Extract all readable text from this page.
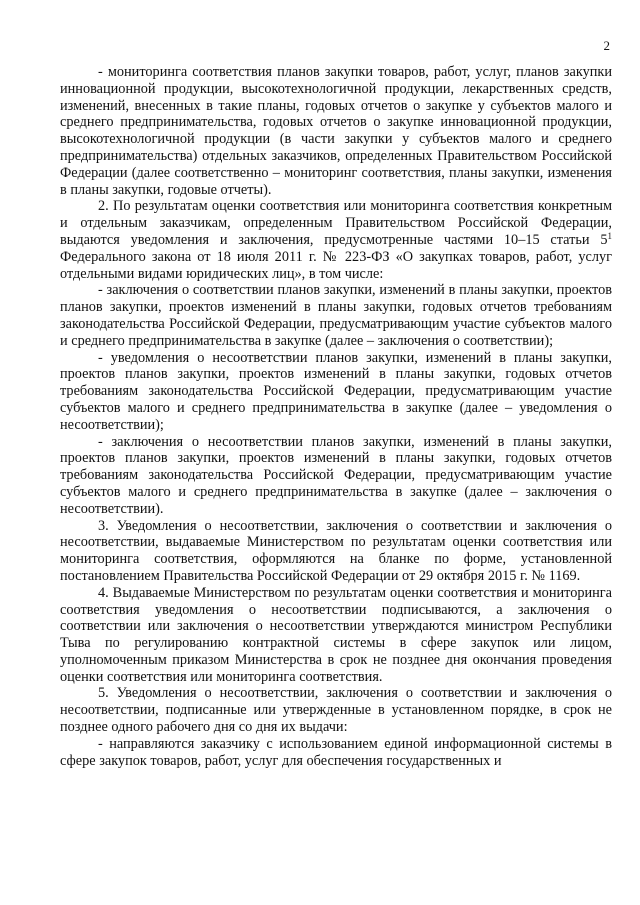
2

- мониторинга соответствия планов закупки товаров, работ, услуг, планов закупки инновационной продукции, высокотехнологичной продукции, лекарственных средств, изменений, внесенных в такие планы, годовых отчетов о закупке у субъектов малого и среднего предпринимательства, годовых отчетов о закупке инновационной продукции, высокотехнологичной продукции (в части закупки у субъектов малого и среднего предпринимательства) отдельных заказчиков, определенных Правительством Российской Федерации (далее соответственно – мониторинг соответствия, планы закупки, изменения в планы закупки, годовые отчеты).

2. По результатам оценки соответствия или мониторинга соответствия конкретным и отдельным заказчикам, определенным Правительством Российской Федерации, выдаются уведомления и заключения, предусмотренные частями 10–15 статьи $5^1$ Федерального закона от 18 июля 2011 г. № 223-ФЗ «О закупках товаров, работ, услуг отдельными видами юридических лиц», в том числе:

- заключения о соответствии планов закупки, изменений в планы закупки, проектов планов закупки, проектов изменений в планы закупки, годовых отчетов требованиям законодательства Российской Федерации, предусматривающим участие субъектов малого и среднего предпринимательства в закупке (далее – заключения о соответствии);

- уведомления о несоответствии планов закупки, изменений в планы закупки, проектов планов закупки, проектов изменений в планы закупки, годовых отчетов требованиям законодательства Российской Федерации, предусматривающим участие субъектов малого и среднего предпринимательства в закупке (далее – уведомления о несоответствии);

- заключения о несоответствии планов закупки, изменений в планы закупки, проектов планов закупки, проектов изменений в планы закупки, годовых отчетов требованиям законодательства Российской Федерации, предусматривающим участие субъектов малого и среднего предпринимательства в закупке (далее – заключения о несоответствии).

3. Уведомления о несоответствии, заключения о соответствии и заключения о несоответствии, выдаваемые Министерством по результатам оценки соответствия или мониторинга соответствия, оформляются на бланке по форме, установленной постановлением Правительства Российской Федерации от 29 октября 2015 г. № 1169.

4. Выдаваемые Министерством по результатам оценки соответствия и мониторинга соответствия уведомления о несоответствии подписываются, а заключения о соответствии или заключения о несоответствии утверждаются министром Республики Тыва по регулированию контрактной системы в сфере закупок или лицом, уполномоченным приказом Министерства в срок не позднее дня окончания проведения оценки соответствия или мониторинга соответствия.

5. Уведомления о несоответствии, заключения о соответствии и заключения о несоответствии, подписанные или утвержденные в установленном порядке, в срок не позднее одного рабочего дня со дня их выдачи:

- направляются заказчику с использованием единой информационной системы в сфере закупок товаров, работ, услуг для обеспечения государственных и
